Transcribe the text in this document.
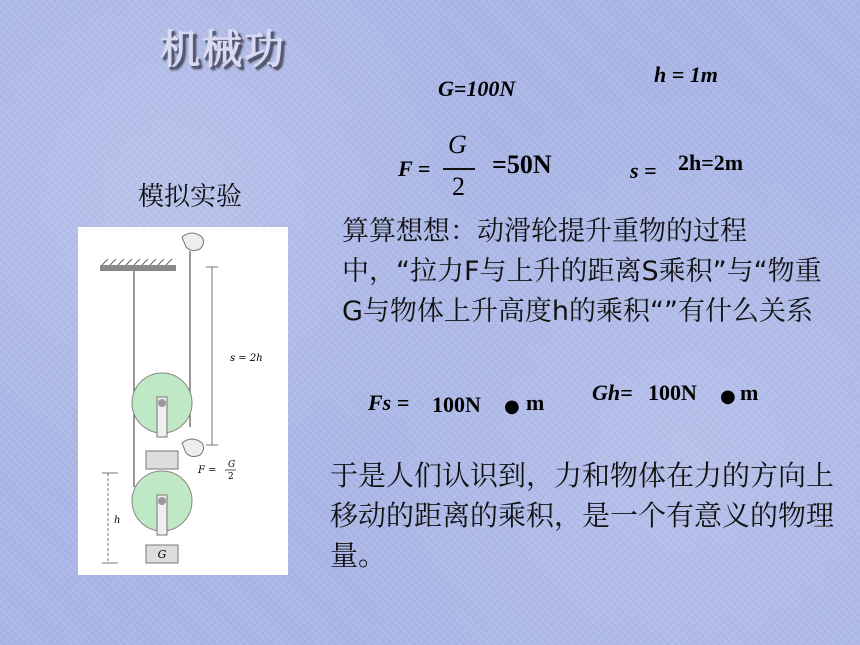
机械功
G=100N
h = 1m
F =
G
2
=50N	s = 2h=2m
模拟实验
算算想想：动滑轮提升重物的过程中，“拉力F与上升的距离S乘积”与“物重G与物体上升高度h的乘积“”有什么关系
Fs = 100N ● m Gh= 100N ● m
于是人们认识到，力和物体在力的方向上移动的距离的乘积，是一个有意义的物理量。
G
s = 2h
F = G
2
h
